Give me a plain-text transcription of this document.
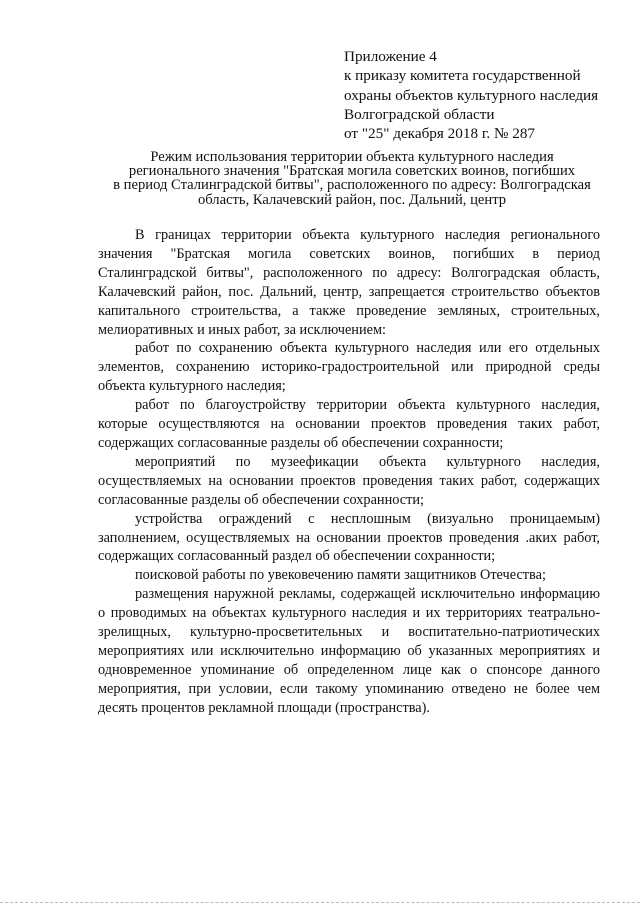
Приложение 4
к приказу комитета государственной
охраны объектов культурного наследия
Волгоградской области
от "25" декабря 2018 г. № 287
Режим использования территории объекта культурного наследия
регионального значения "Братская могила советских воинов, погибших
в период Сталинградской битвы", расположенного по адресу: Волгоградская
область, Калачевский район, пос. Дальний, центр
В границах территории объекта культурного наследия регионального значения "Братская могила советских воинов, погибших в период Сталинградской битвы", расположенного по адресу: Волгоградская область, Калачевский район, пос. Дальний, центр, запрещается строительство объектов капитального строительства, а также проведение земляных, строительных, мелиоративных и иных работ, за исключением:
работ по сохранению объекта культурного наследия или его отдельных элементов, сохранению историко-градостроительной или природной среды объекта культурного наследия;
работ по благоустройству территории объекта культурного наследия, которые осуществляются на основании проектов проведения таких работ, содержащих согласованные разделы об обеспечении сохранности;
мероприятий по музеефикации объекта культурного наследия, осуществляемых на основании проектов проведения таких работ, содержащих согласованные разделы об обеспечении сохранности;
устройства ограждений с несплошным (визуально проницаемым) заполнением, осуществляемых на основании проектов проведения .аких работ, содержащих согласованный раздел об обеспечении сохранности;
поисковой работы по увековечению памяти защитников Отечества;
размещения наружной рекламы, содержащей исключительно информацию о проводимых на объектах культурного наследия и их территориях театрально-зрелищных, культурно-просветительных и воспитательно-патриотических мероприятиях или исключительно информацию об указанных мероприятиях и одновременное упоминание об определенном лице как о спонсоре данного мероприятия, при условии, если такому упоминанию отведено не более чем десять процентов рекламной площади (пространства).
